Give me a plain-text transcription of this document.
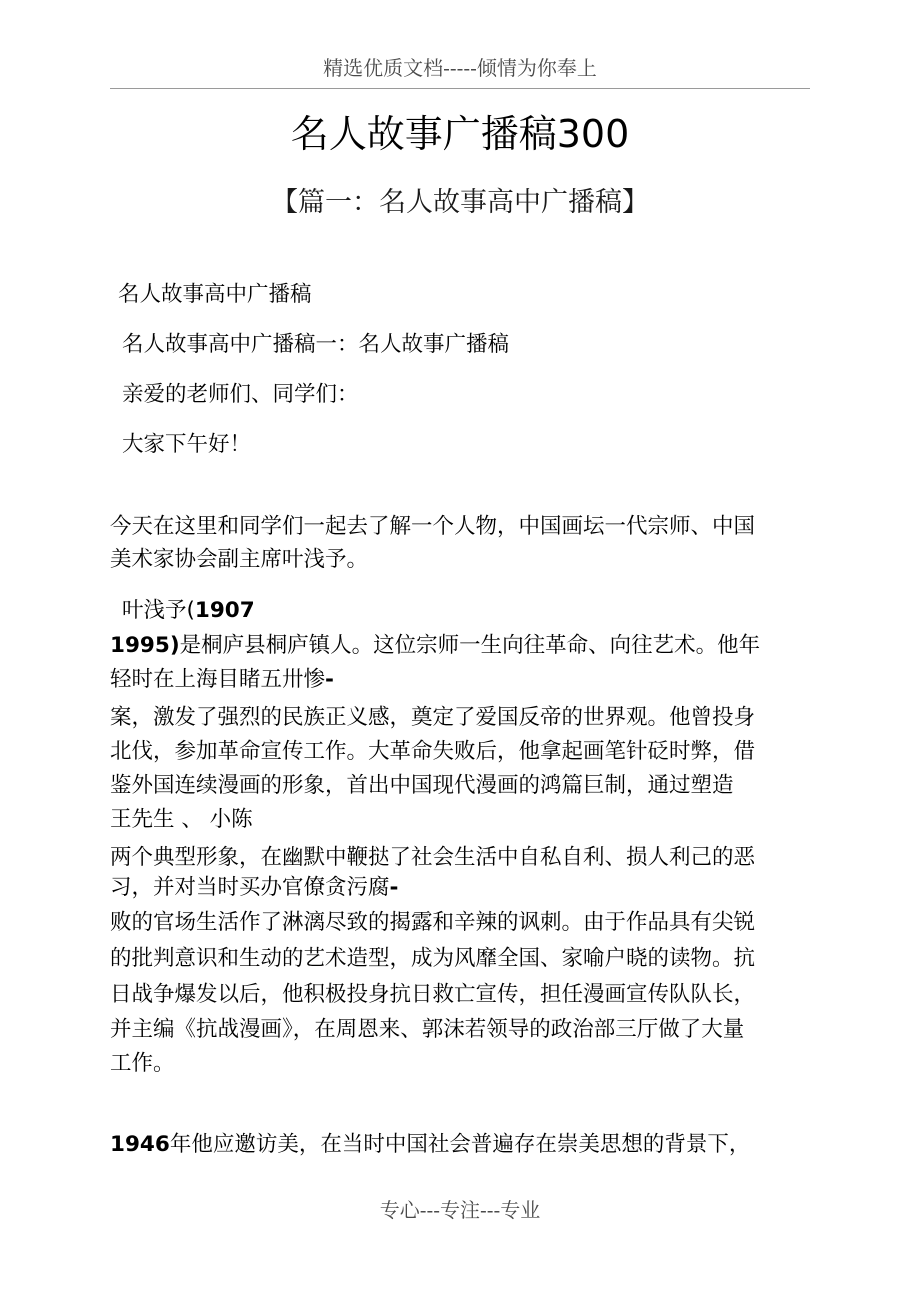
精选优质文档-----倾情为你奉上
名人故事广播稿300
【篇一：名人故事高中广播稿】
名人故事高中广播稿
名人故事高中广播稿一：名人故事广播稿
亲爱的老师们、同学们：
大家下午好！
今天在这里和同学们一起去了解一个人物，中国画坛一代宗师、中国
美术家协会副主席叶浅予。
叶浅予(1907
1995)是桐庐县桐庐镇人。这位宗师一生向往革命、向往艺术。他年
轻时在上海目睹五卅惨-
案，激发了强烈的民族正义感，奠定了爱国反帝的世界观。他曾投身
北伐，参加革命宣传工作。大革命失败后，他拿起画笔针砭时弊，借
鉴外国连续漫画的形象，首出中国现代漫画的鸿篇巨制，通过塑造
王先生 、 小陈
两个典型形象，在幽默中鞭挞了社会生活中自私自利、损人利己的恶
习，并对当时买办官僚贪污腐-
败的官场生活作了淋漓尽致的揭露和辛辣的讽刺。由于作品具有尖锐
的批判意识和生动的艺术造型，成为风靡全国、家喻户晓的读物。抗
日战争爆发以后，他积极投身抗日救亡宣传，担任漫画宣传队队长，
并主编《抗战漫画》，在周恩来、郭沫若领导的政治部三厅做了大量
工作。
1946年他应邀访美，在当时中国社会普遍存在崇美思想的背景下，
专心---专注---专业
